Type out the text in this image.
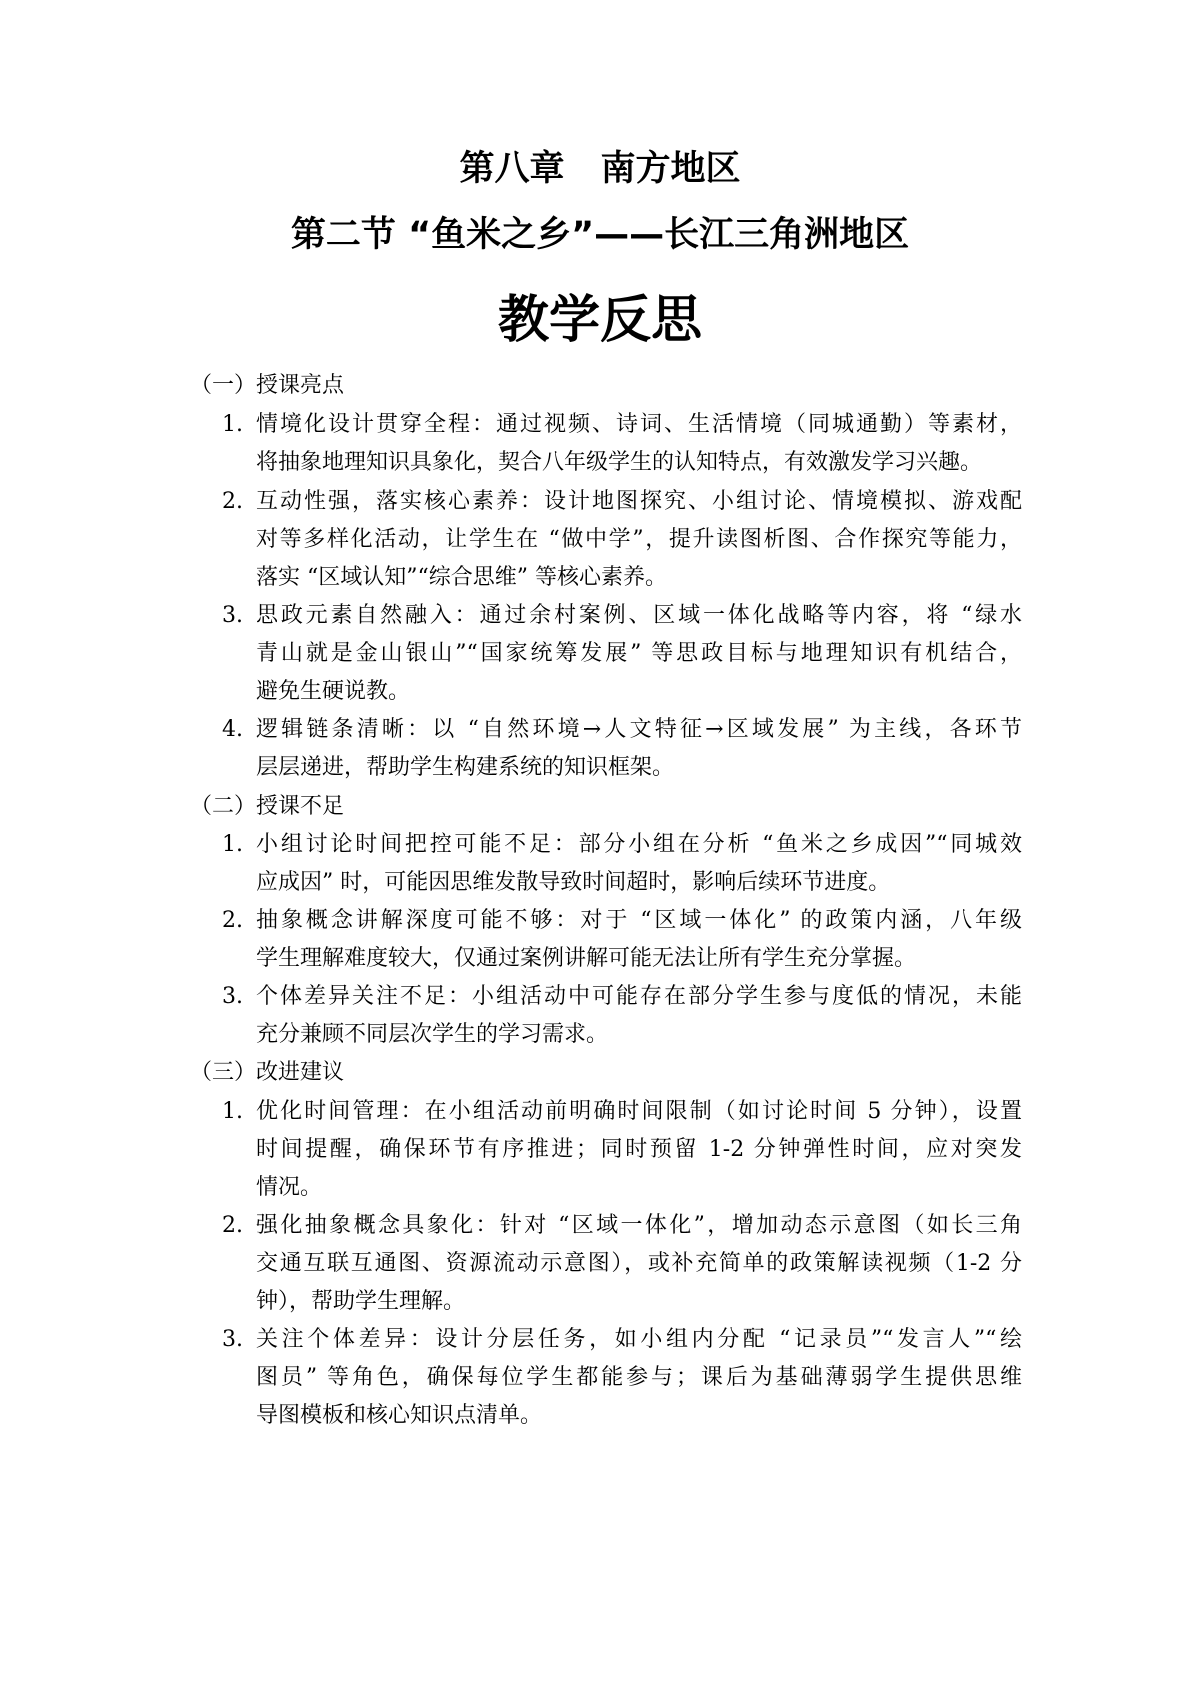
第八章 南方地区
第二节 “鱼米之乡”——长江三角洲地区
教学反思
（一）授课亮点
1. 情境化设计贯穿全程：通过视频、诗词、生活情境（同城通勤）等素材，
将抽象地理知识具象化，契合八年级学生的认知特点，有效激发学习兴趣。
2. 互动性强，落实核心素养：设计地图探究、小组讨论、情境模拟、游戏配
对等多样化活动，让学生在 “做中学”，提升读图析图、合作探究等能力，
落实 “区域认知”“综合思维” 等核心素养。
3. 思政元素自然融入：通过余村案例、区域一体化战略等内容，将 “绿水
青山就是金山银山”“国家统筹发展” 等思政目标与地理知识有机结合，
避免生硬说教。
4. 逻辑链条清晰：以 “自然环境→人文特征→区域发展” 为主线，各环节
层层递进，帮助学生构建系统的知识框架。
（二）授课不足
1. 小组讨论时间把控可能不足：部分小组在分析 “鱼米之乡成因”“同城效
应成因” 时，可能因思维发散导致时间超时，影响后续环节进度。
2. 抽象概念讲解深度可能不够：对于 “区域一体化” 的政策内涵，八年级
学生理解难度较大，仅通过案例讲解可能无法让所有学生充分掌握。
3. 个体差异关注不足：小组活动中可能存在部分学生参与度低的情况，未能
充分兼顾不同层次学生的学习需求。
（三）改进建议
1. 优化时间管理：在小组活动前明确时间限制（如讨论时间 5 分钟），设置
时间提醒，确保环节有序推进；同时预留 1-2 分钟弹性时间，应对突发
情况。
2. 强化抽象概念具象化：针对 “区域一体化”，增加动态示意图（如长三角
交通互联互通图、资源流动示意图），或补充简单的政策解读视频（1-2 分
钟），帮助学生理解。
3. 关注个体差异：设计分层任务，如小组内分配 “记录员”“发言人”“绘
图员” 等角色，确保每位学生都能参与；课后为基础薄弱学生提供思维
导图模板和核心知识点清单。
